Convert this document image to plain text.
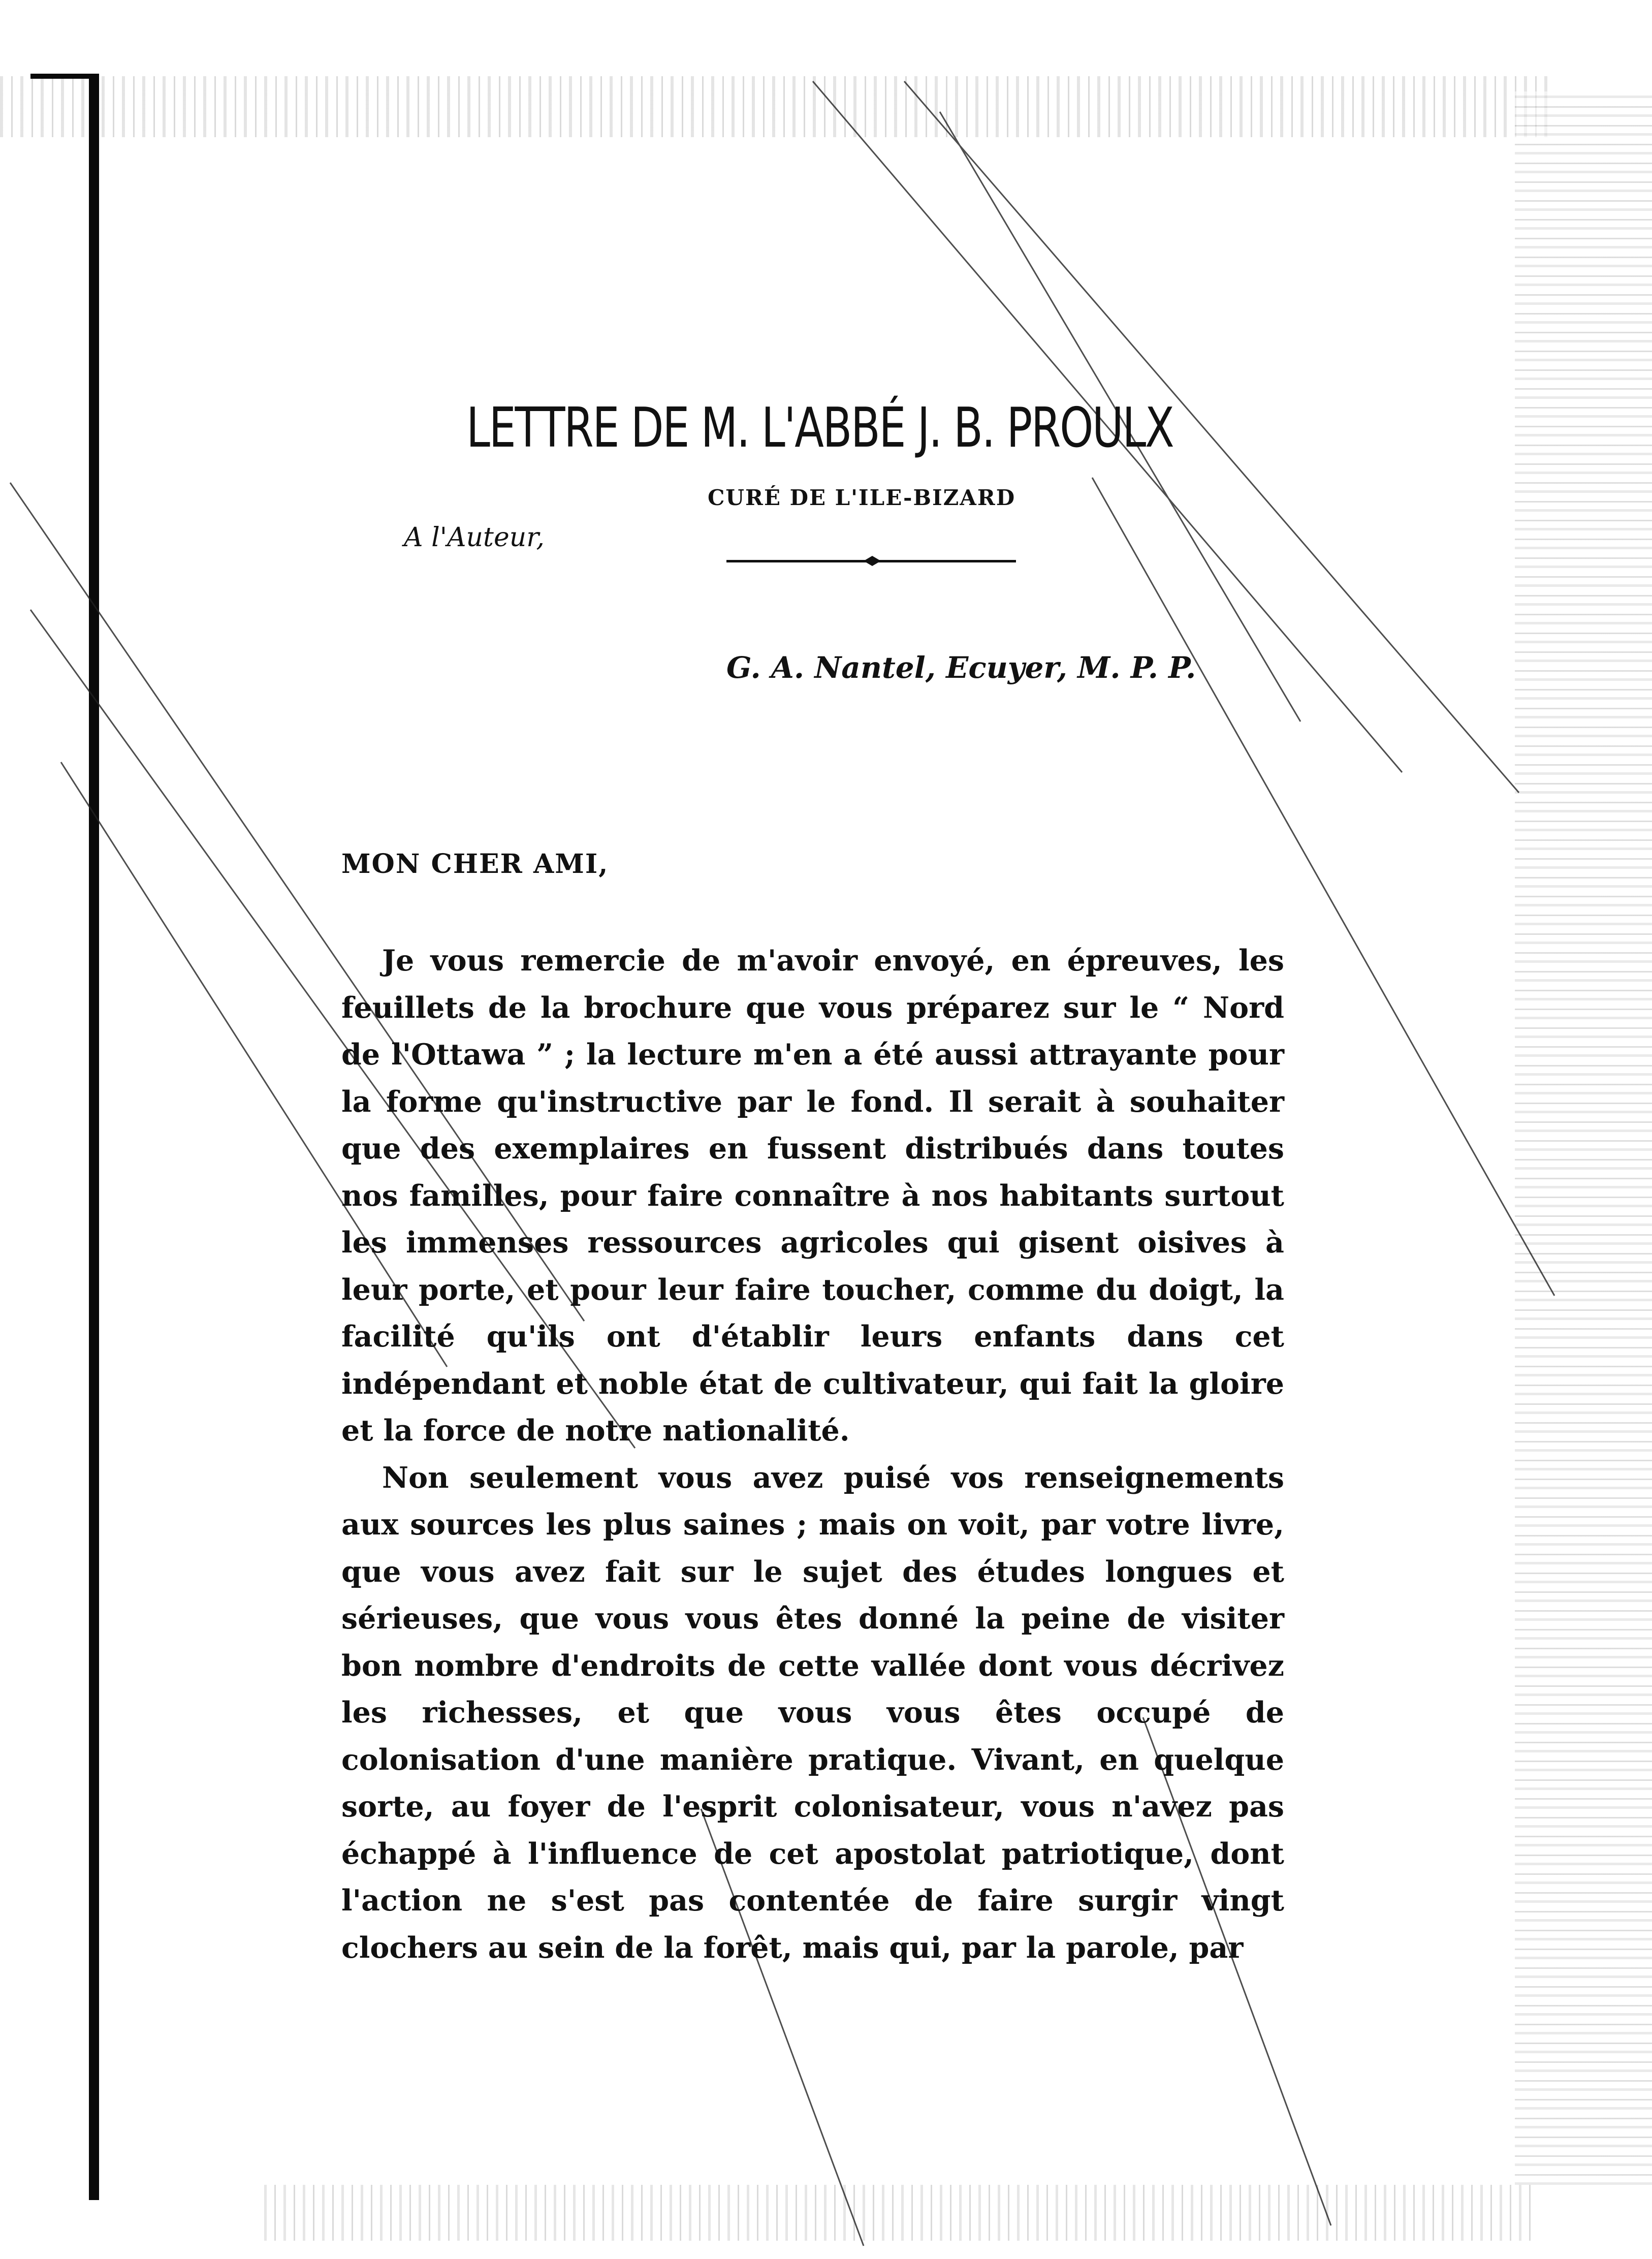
LETTRE DE M. L'ABBÉ J. B. PROULX
CURÉ DE L'ILE-BIZARD
A l'Auteur,
G. A. Nantel, Ecuyer, M. P. P.
MON CHER AMI,

Je vous remercie de m'avoir envoyé, en épreuves, les feuillets de la brochure que vous préparez sur le “ Nord de l'Ottawa ” ; la lecture m'en a été aussi attrayante pour la forme qu'instructive par le fond. Il serait à souhaiter que des exemplaires en fussent distribués dans toutes nos familles, pour faire connaître à nos habitants surtout les immenses ressources agricoles qui gisent oisives à leur porte, et pour leur faire toucher, comme du doigt, la facilité qu'ils ont d'établir leurs enfants dans cet indépendant et noble état de cultivateur, qui fait la gloire et la force de notre nationalité.

Non seulement vous avez puisé vos renseignements aux sources les plus saines ; mais on voit, par votre livre, que vous avez fait sur le sujet des études longues et sérieuses, que vous vous êtes donné la peine de visiter bon nombre d'endroits de cette vallée dont vous décrivez les richesses, et que vous vous êtes occupé de colonisation d'une manière pratique. Vivant, en quelque sorte, au foyer de l'esprit colonisateur, vous n'avez pas échappé à l'influence de cet apostolat patriotique, dont l'action ne s'est pas contentée de faire surgir vingt clochers au sein de la forêt, mais qui, par la parole, par
